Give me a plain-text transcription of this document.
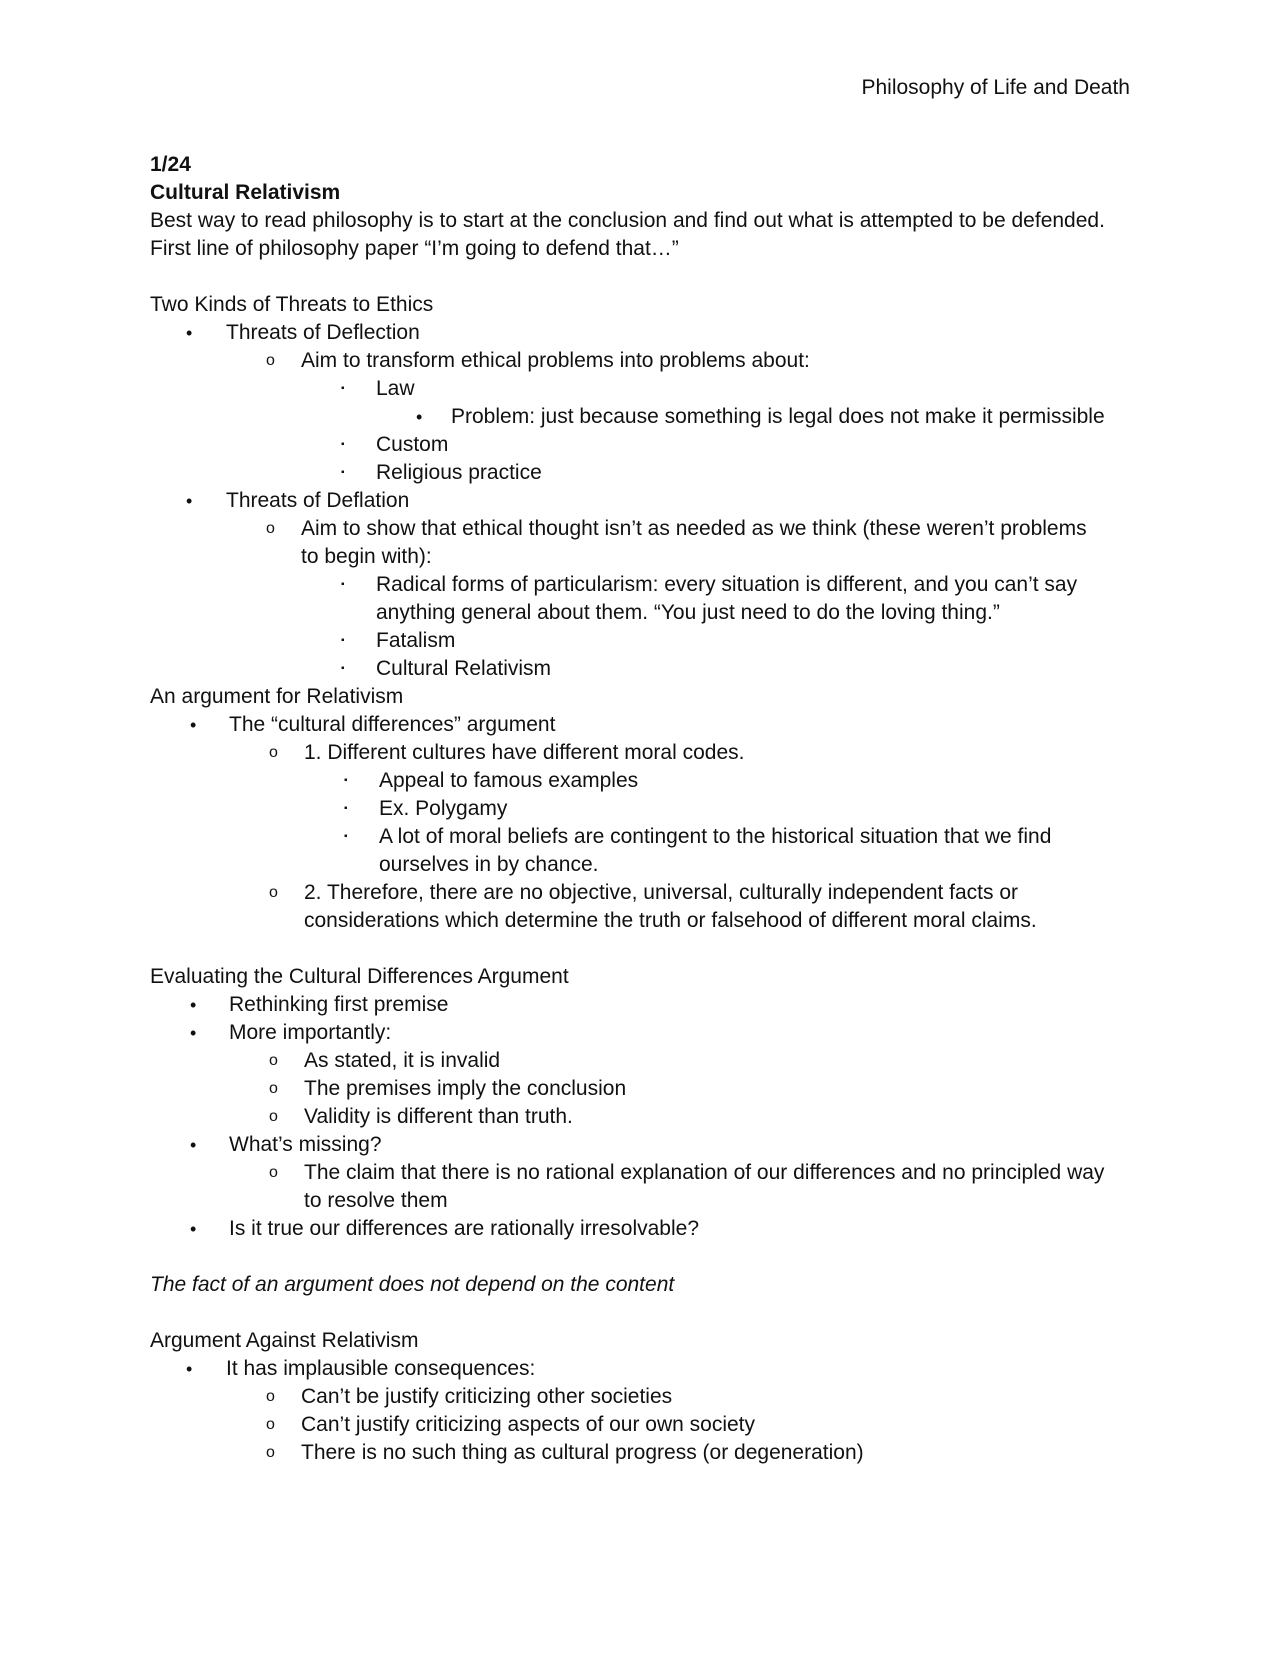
Philosophy of Life and Death
1/24
Cultural Relativism
Best way to read philosophy is to start at the conclusion and find out what is attempted to be defended.
First line of philosophy paper “I’m going to defend that…”
Two Kinds of Threats to Ethics
• Threats of Deflection
o Aim to transform ethical problems into problems about:
▪ Law
• Problem: just because something is legal does not make it permissible
▪ Custom
▪ Religious practice
• Threats of Deflation
o Aim to show that ethical thought isn’t as needed as we think (these weren’t problems
to begin with):
▪ Radical forms of particularism: every situation is different, and you can’t say
anything general about them. “You just need to do the loving thing.”
▪ Fatalism
▪ Cultural Relativism
An argument for Relativism
• The “cultural differences” argument
o 1. Different cultures have different moral codes.
▪ Appeal to famous examples
▪ Ex. Polygamy
▪ A lot of moral beliefs are contingent to the historical situation that we find
ourselves in by chance.
o 2. Therefore, there are no objective, universal, culturally independent facts or
considerations which determine the truth or falsehood of different moral claims.
Evaluating the Cultural Differences Argument
• Rethinking first premise
• More importantly:
o As stated, it is invalid
o The premises imply the conclusion
o Validity is different than truth.
• What’s missing?
o The claim that there is no rational explanation of our differences and no principled way
to resolve them
• Is it true our differences are rationally irresolvable?
The fact of an argument does not depend on the content
Argument Against Relativism
• It has implausible consequences:
o Can’t be justify criticizing other societies
o Can’t justify criticizing aspects of our own society
o There is no such thing as cultural progress (or degeneration)
